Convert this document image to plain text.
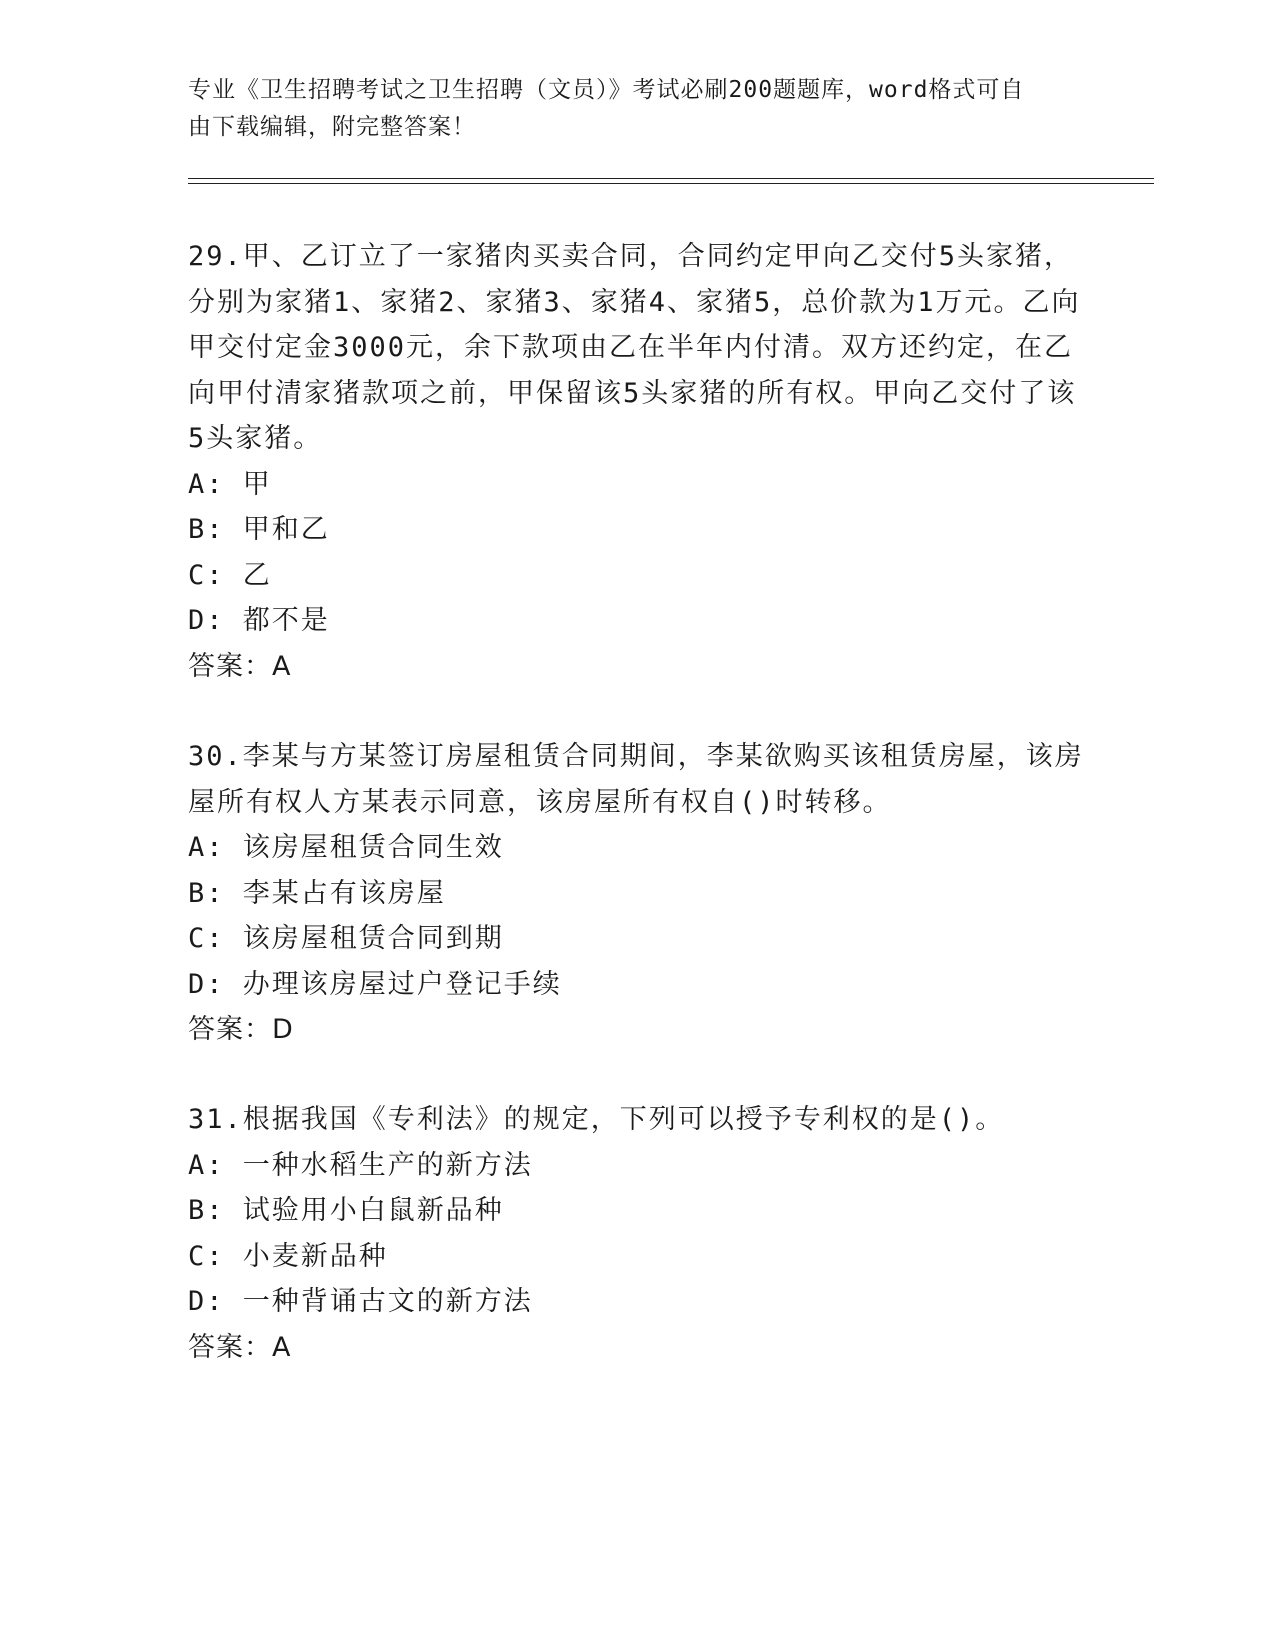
专业《卫生招聘考试之卫生招聘（文员）》考试必刷200题题库，word格式可自
由下载编辑，附完整答案！

29.甲、乙订立了一家猪肉买卖合同，合同约定甲向乙交付5头家猪，分别为家猪1、家猪2、家猪3、家猪4、家猪5，总价款为1万元。乙向甲交付定金3000元，余下款项由乙在半年内付清。双方还约定，在乙向甲付清家猪款项之前，甲保留该5头家猪的所有权。甲向乙交付了该5头家猪。

A: 甲

B: 甲和乙

C: 乙

D: 都不是

答案：A

30.李某与方某签订房屋租赁合同期间，李某欲购买该租赁房屋，该房屋所有权人方某表示同意，该房屋所有权自()时转移。

A: 该房屋租赁合同生效

B: 李某占有该房屋

C: 该房屋租赁合同到期

D: 办理该房屋过户登记手续

答案：D

31.根据我国《专利法》的规定，下列可以授予专利权的是()。

A: 一种水稻生产的新方法

B: 试验用小白鼠新品种

C: 小麦新品种

D: 一种背诵古文的新方法

答案：A
